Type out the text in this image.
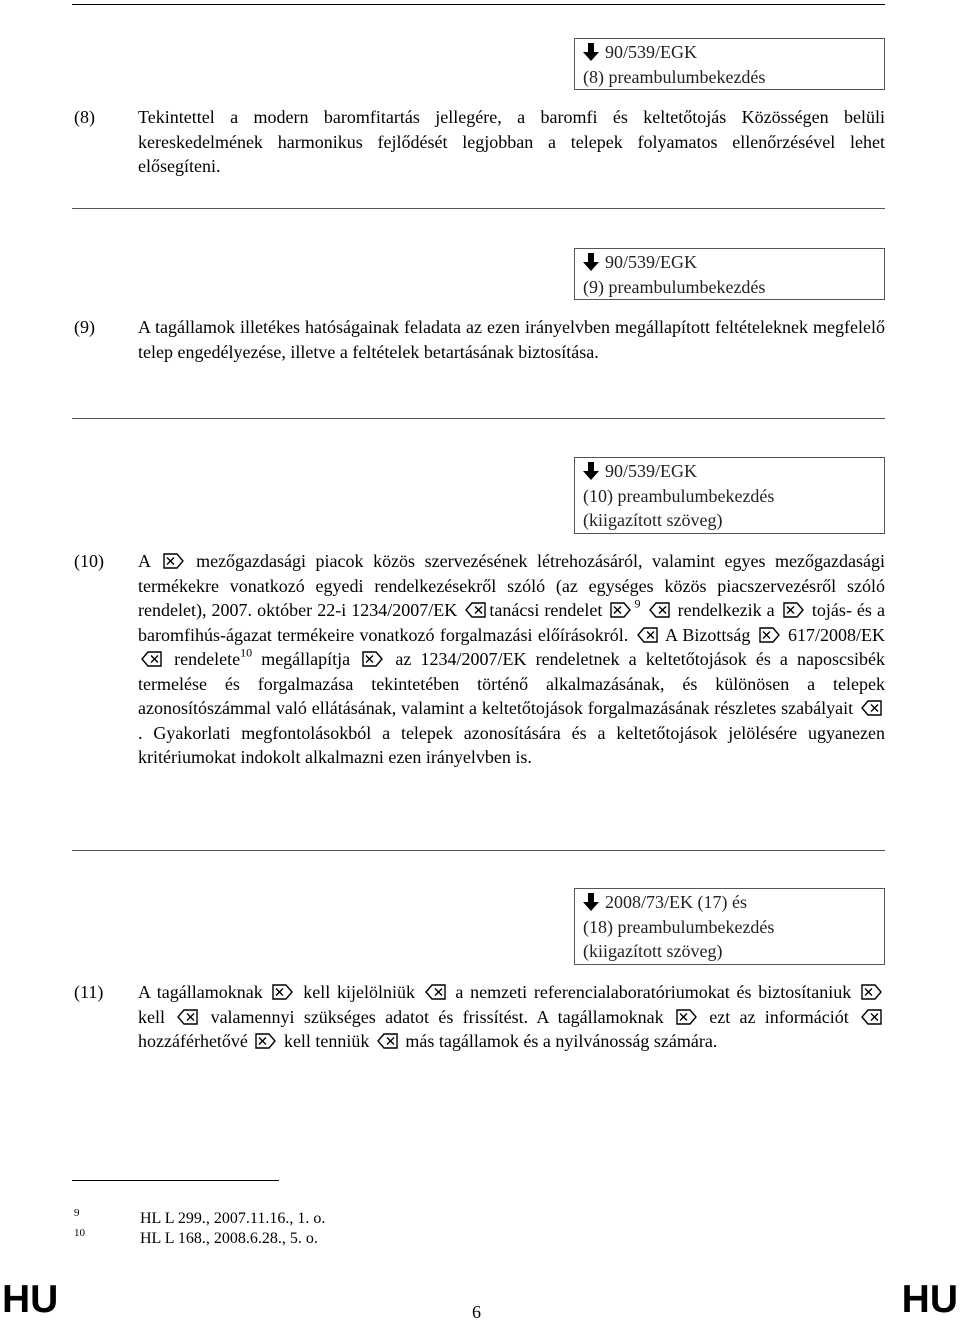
90/539/EGK
(8) preambulumbekezdés
(8) Tekintettel a modern baromfitartás jellegére, a baromfi és keltetőtojás Közösségen belüli kereskedelmének harmonikus fejlődését legjobban a telepek folyamatos ellenőrzésével lehet elősegíteni.
90/539/EGK
(9) preambulumbekezdés
(9) A tagállamok illetékes hatóságainak feladata az ezen irányelvben megállapított feltételeknek megfelelő telep engedélyezése, illetve a feltételek betartásának biztosítása.
90/539/EGK
(10) preambulumbekezdés
(kiigazított szöveg)
(10) A  mezőgazdasági piacok közös szervezésének létrehozásáról, valamint egyes mezőgazdasági termékekre vonatkozó egyedi rendelkezésekről szóló (az egységes közös piacszervezésről szóló rendelet), 2007. október 22-i 1234/2007/EK tanácsi rendelet $^9$  rendelkezik a  tojás- és a baromfihús-ágazat termékeire vonatkozó forgalmazási előírásokról.  A Bizottság  617/2008/EK  rendelete$^{10}$ megállapítja  az 1234/2007/EK rendeletnek a keltetőtojások és a naposcsibék termelése és forgalmazása tekintetében történő alkalmazásának, és különösen a telepek azonosítószámmal való ellátásának, valamint a keltetőtojások forgalmazásának részletes szabályait . Gyakorlati megfontolásokból a telepek azonosítására és a keltetőtojások jelölésére ugyanezen kritériumokat indokolt alkalmazni ezen irányelvben is.
2008/73/EK (17) és
(18) preambulumbekezdés
(kiigazított szöveg)
(11) A tagállamoknak  kell kijelölniük  a nemzeti referencialaboratóriumokat és biztosítaniuk  kell  valamennyi szükséges adatot és frissítést. A tagállamoknak  ezt az információt  hozzáférhetővé  kell tenniük  más tagállamok és a nyilvánosság számára.
9	HL L 299., 2007.11.16., 1. o.
10	HL L 168., 2008.6.28., 5. o.
HU	6	HU
